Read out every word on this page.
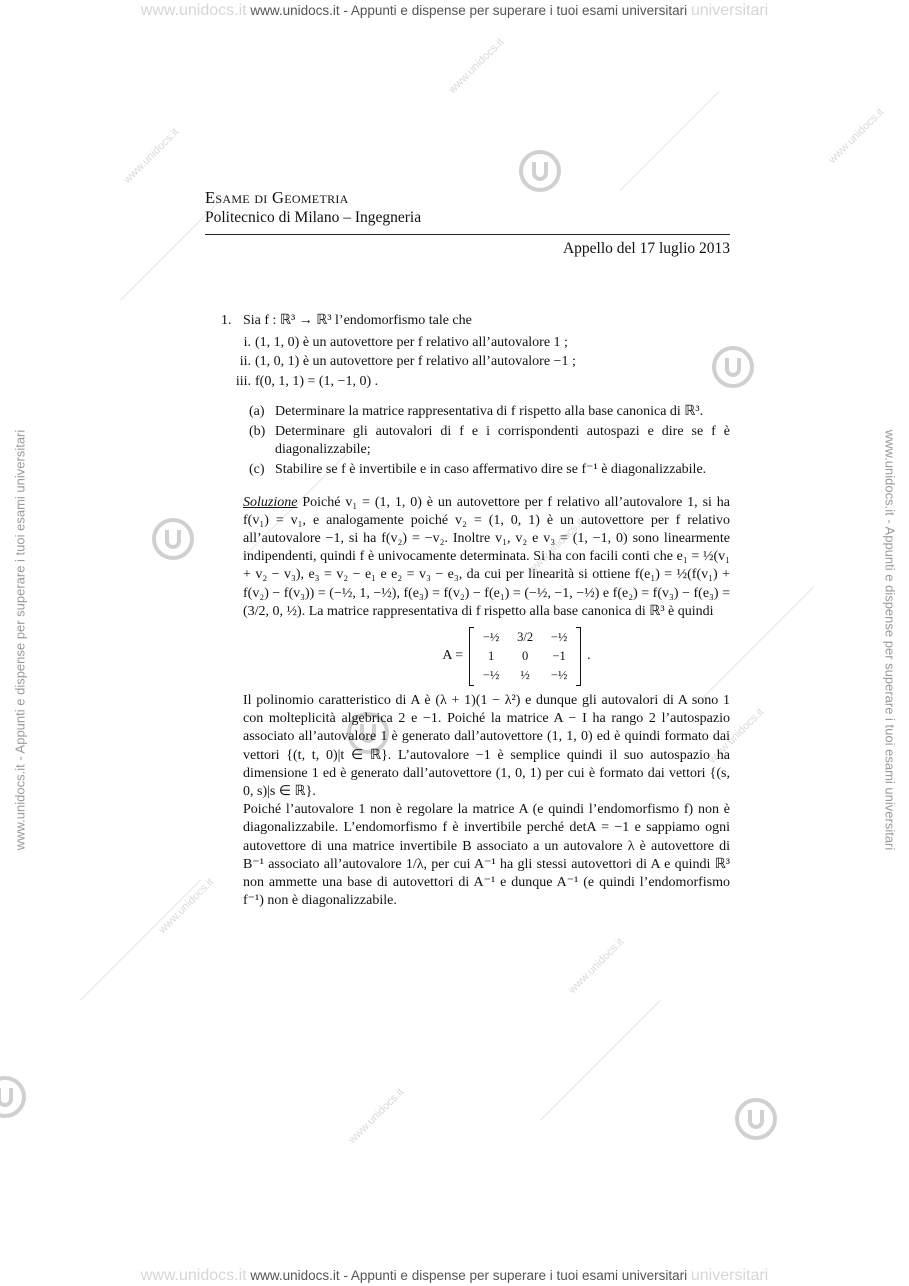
www.unidocs.it www.unidocs.it - Appunti e dispense per superare i tuoi esami universitari universitari
www.unidocs.it www.unidocs.it - Appunti e dispense per superare i tuoi esami universitari universitari
www.unidocs.it - Appunti e dispense per superare i tuoi esami universitari	www.unidocs.it - Appunti e dispense per superare i tuoi esami universitari
www.unidocs.it
www.unidocs.it
www.unidocs.it
www.unidocs.it
www.unidocs.it
www.unidocs.it
www.unidocs.it
www.unidocs.it
Esame di Geometria
Politecnico di Milano – Ingegneria
Appello del 17 luglio 2013
1. Sia f : ℝ³ → ℝ³ l’endomorfismo tale che
i. (1, 1, 0) è un autovettore per f relativo all’autovalore 1 ;
ii. (1, 0, 1) è un autovettore per f relativo all’autovalore −1 ;
iii. f(0, 1, 1) = (1, −1, 0) .
(a) Determinare la matrice rappresentativa di f rispetto alla base canonica di ℝ³.
(b) Determinare gli autovalori di f e i corrispondenti autospazi e dire se f è diagonalizzabile;
(c) Stabilire se f è invertibile e in caso affermativo dire se f⁻¹ è diagonalizzabile.
Soluzione Poiché v₁ = (1, 1, 0) è un autovettore per f relativo all’autovalore 1, si ha f(v₁) = v₁, e analogamente poiché v₂ = (1, 0, 1) è un autovettore per f relativo all’autovalore −1, si ha f(v₂) = −v₂. Inoltre v₁, v₂ e v₃ = (1, −1, 0) sono linearmente indipendenti, quindi f è univocamente determinata. Si ha con facili conti che e₁ = ½(v₁ + v₂ − v₃), e₃ = v₂ − e₁ e e₂ = v₃ − e₃, da cui per linearità si ottiene f(e₁) = ½(f(v₁) + f(v₂) − f(v₃)) = (−½, 1, −½), f(e₃) = f(v₂) − f(e₁) = (−½, −1, −½) e f(e₂) = f(v₃) − f(e₃) = (3/2, 0, ½). La matrice rappresentativa di f rispetto alla base canonica di ℝ³ è quindi
A =
−½	3/2	−½
1	0	−1
−½	½	−½
.
Il polinomio caratteristico di A è (λ + 1)(1 − λ²) e dunque gli autovalori di A sono 1 con molteplicità algebrica 2 e −1. Poiché la matrice A − I ha rango 2 l’autospazio associato all’autovalore 1 è generato dall’autovettore (1, 1, 0) ed è quindi formato dai vettori {(t, t, 0)|t ∈ ℝ}. L’autovalore −1 è semplice quindi il suo autospazio ha dimensione 1 ed è generato dall’autovettore (1, 0, 1) per cui è formato dai vettori {(s, 0, s)|s ∈ ℝ}.
Poiché l’autovalore 1 non è regolare la matrice A (e quindi l’endomorfismo f) non è diagonalizzabile. L’endomorfismo f è invertibile perché detA = −1 e sappiamo ogni autovettore di una matrice invertibile B associato a un autovalore λ è autovettore di B⁻¹ associato all’autovalore 1/λ, per cui A⁻¹ ha gli stessi autovettori di A e quindi ℝ³ non ammette una base di autovettori di A⁻¹ e dunque A⁻¹ (e quindi l’endomorfismo f⁻¹) non è diagonalizzabile.
